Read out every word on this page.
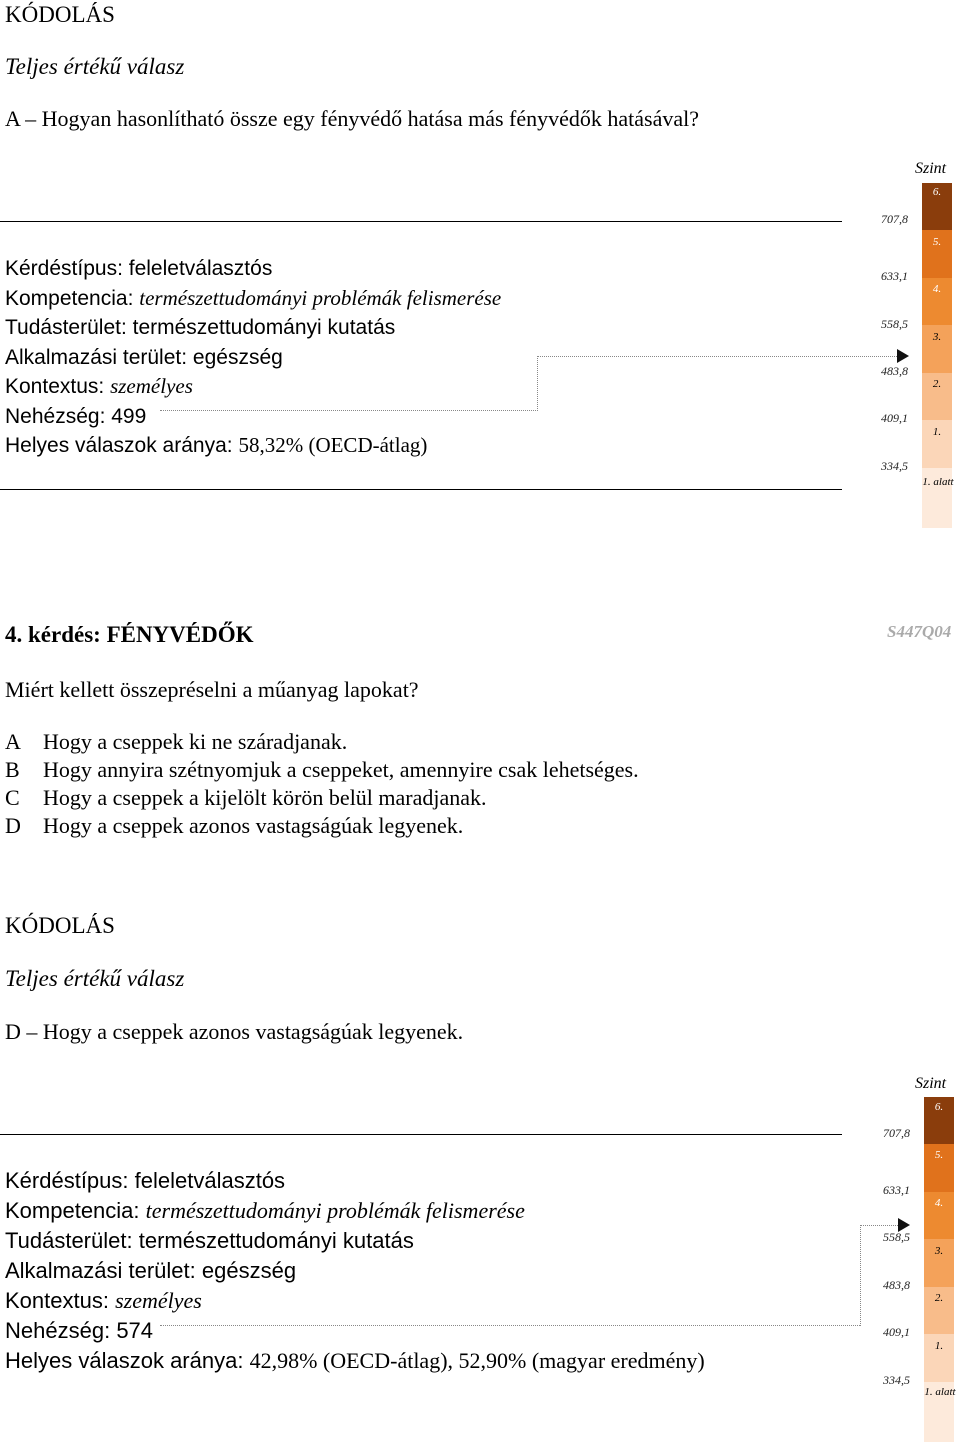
KÓDOLÁS
Teljes értékű válasz
A – Hogyan hasonlítható össze egy fényvédő hatása más fényvédők hatásával?
Kérdéstípus: feleletválasztós
Kompetencia: természettudományi problémák felismerése
Tudásterület: természettudományi kutatás
Alkalmazási terület: egészség
Kontextus: személyes
Nehézség: 499
Helyes válaszok aránya: 58,32% (OECD-átlag)
Szint
707,8
633,1
558,5
483,8
409,1
334,5
6.
5.
4.
3.
2.
1.
1. alatt
4. kérdés: FÉNYVÉDŐK	S447Q04
Miért kellett összepréselni a műanyag lapokat?
A Hogy a cseppek ki ne száradjanak.
B Hogy annyira szétnyomjuk a cseppeket, amennyire csak lehetséges.
C Hogy a cseppek a kijelölt körön belül maradjanak.
D Hogy a cseppek azonos vastagságúak legyenek.
KÓDOLÁS
Teljes értékű válasz
D – Hogy a cseppek azonos vastagságúak legyenek.
Kérdéstípus: feleletválasztós
Kompetencia: természettudományi problémák felismerése
Tudásterület: természettudományi kutatás
Alkalmazási terület: egészség
Kontextus: személyes
Nehézség: 574
Helyes válaszok aránya: 42,98% (OECD-átlag), 52,90% (magyar eredmény)
Szint
707,8
633,1
558,5
483,8
409,1
334,5
6.
5.
4.
3.
2.
1.
1. alatt
